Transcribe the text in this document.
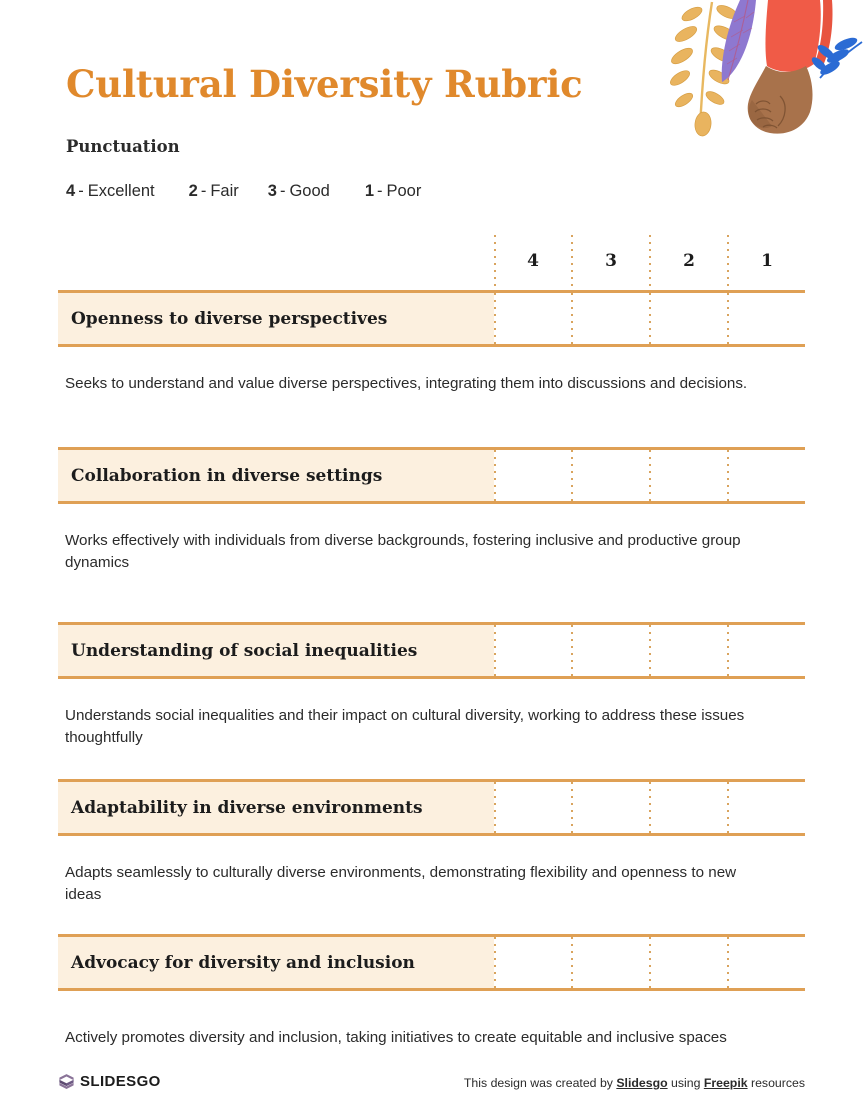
Cultural Diversity Rubric
Punctuation
4 - Excellent 2 - Fair 3 - Good 1 - Poor
4	3	2	1
Openness to diverse perspectives
Seeks to understand and value diverse perspectives, integrating them into discussions and decisions.
Collaboration in diverse settings
Works effectively with individuals from diverse backgrounds, fostering inclusive and productive group dynamics
Understanding of social inequalities
Understands social inequalities and their impact on cultural diversity, working to address these issues thoughtfully
Adaptability in diverse environments
Adapts seamlessly to culturally diverse environments, demonstrating flexibility and openness to new ideas
Advocacy for diversity and inclusion
Actively promotes diversity and inclusion, taking initiatives to create equitable and inclusive spaces
SLIDESGO	This design was created by Slidesgo using Freepik resources
